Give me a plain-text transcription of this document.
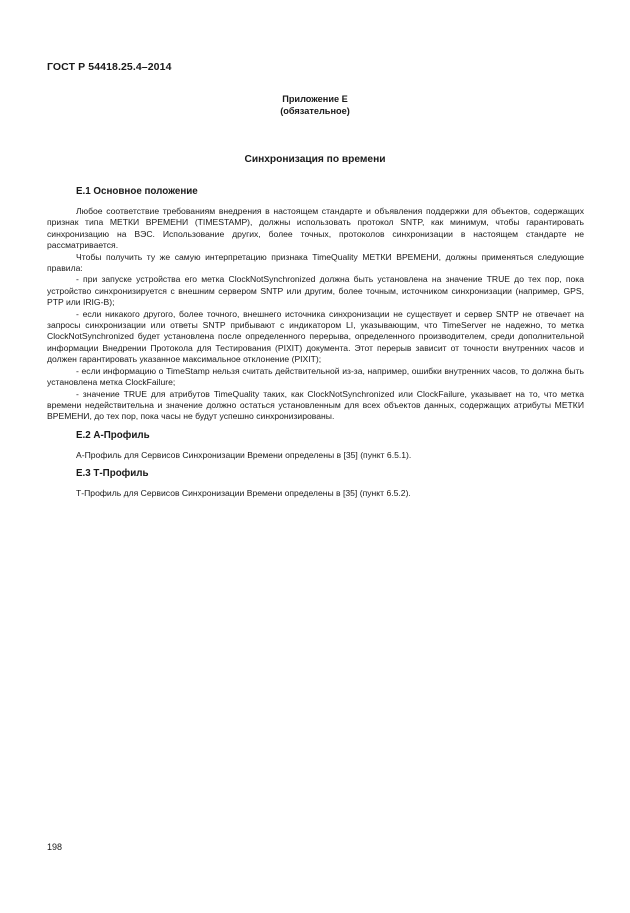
ГОСТ Р 54418.25.4–2014
Приложение Е
(обязательное)
Синхронизация по времени
Е.1 Основное положение

Любое соответствие требованиям внедрения в настоящем стандарте и объявления поддержки для объектов, содержащих признак типа МЕТКИ ВРЕМЕНИ (TIMESTAMP), должны использовать протокол SNTP, как минимум, чтобы гарантировать синхронизацию на ВЭС. Использование других, более точных, протоколов синхронизации в настоящем стандарте не рассматривается.

Чтобы получить ту же самую интерпретацию признака TimeQuality МЕТКИ ВРЕМЕНИ, должны применяться следующие правила:

- при запуске устройства его метка ClockNotSynchronized должна быть установлена на значение TRUE до тех пор, пока устройство синхронизируется с внешним сервером SNTP или другим, более точным, источником синхронизации (например, GPS, PTP или IRIG-B);

- если никакого другого, более точного, внешнего источника синхронизации не существует и сервер SNTP не отвечает на запросы синхронизации или ответы SNTP прибывают с индикатором LI, указывающим, что TimeServer не надежно, то метка ClockNotSynchronized будет установлена после определенного перерыва, определенного производителем, среди дополнительной информации Внедрении Протокола для Тестирования (PIXIT) документа. Этот перерыв зависит от точности внутренних часов и должен гарантировать указанное максимальное отклонение (PIXIT);

- если информацию о TimeStamp нельзя считать действительной из-за, например, ошибки внутренних часов, то должна быть установлена метка ClockFailure;

- значение TRUE для атрибутов TimeQuality таких, как ClockNotSynchronized или ClockFailure, указывает на то, что метка времени недействительна и значение должно остаться установленным для всех объектов данных, содержащих атрибуты МЕТКИ ВРЕМЕНИ, до тех пор, пока часы не будут успешно синхронизированы.

Е.2 А-Профиль

А-Профиль для Сервисов Синхронизации Времени определены в [35] (пункт 6.5.1).

Е.3 Т-Профиль

Т-Профиль для Сервисов Синхронизации Времени определены в [35] (пункт 6.5.2).

198
